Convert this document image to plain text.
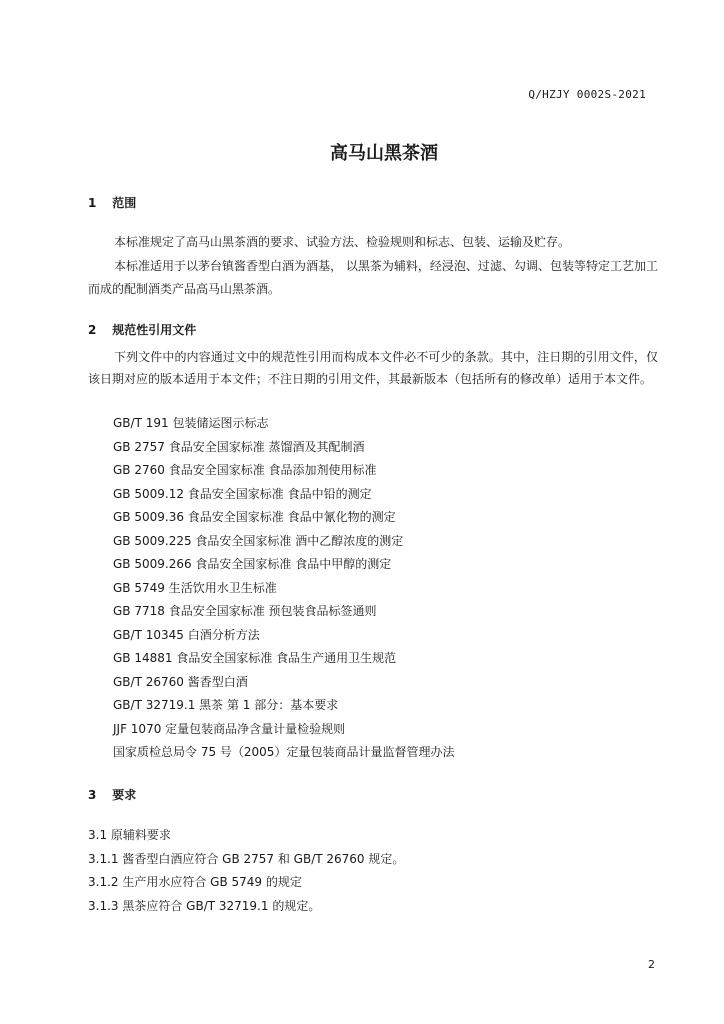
Q/HZJY 0002S-2021
高马山黑茶酒
1 范围
本标准规定了高马山黑茶酒的要求、试验方法、检验规则和标志、包装、运输及贮存。
本标准适用于以茅台镇酱香型白酒为酒基， 以黑茶为辅料，经浸泡、过滤、勾调、包装等特定工艺加工而成的配制酒类产品高马山黑茶酒。
2 规范性引用文件
下列文件中的内容通过文中的规范性引用而构成本文件必不可少的条款。其中，注日期的引用文件，仅该日期对应的版本适用于本文件；不注日期的引用文件，其最新版本（包括所有的修改单）适用于本文件。
GB/T 191 包装储运图示标志
GB 2757 食品安全国家标准 蒸馏酒及其配制酒
GB 2760 食品安全国家标准 食品添加剂使用标准
GB 5009.12 食品安全国家标准 食品中铅的测定
GB 5009.36 食品安全国家标准 食品中氰化物的测定
GB 5009.225 食品安全国家标准 酒中乙醇浓度的测定
GB 5009.266 食品安全国家标准 食品中甲醇的测定
GB 5749 生活饮用水卫生标准
GB 7718 食品安全国家标准 预包装食品标签通则
GB/T 10345 白酒分析方法
GB 14881 食品安全国家标准 食品生产通用卫生规范
GB/T 26760 酱香型白酒
GB/T 32719.1 黑茶 第 1 部分：基本要求
JJF 1070 定量包装商品净含量计量检验规则
国家质检总局令 75 号（2005）定量包装商品计量监督管理办法
3 要求
3.1 原辅料要求
3.1.1 酱香型白酒应符合 GB 2757 和 GB/T 26760 规定。
3.1.2 生产用水应符合 GB 5749 的规定
3.1.3 黑茶应符合 GB/T 32719.1 的规定。
2
